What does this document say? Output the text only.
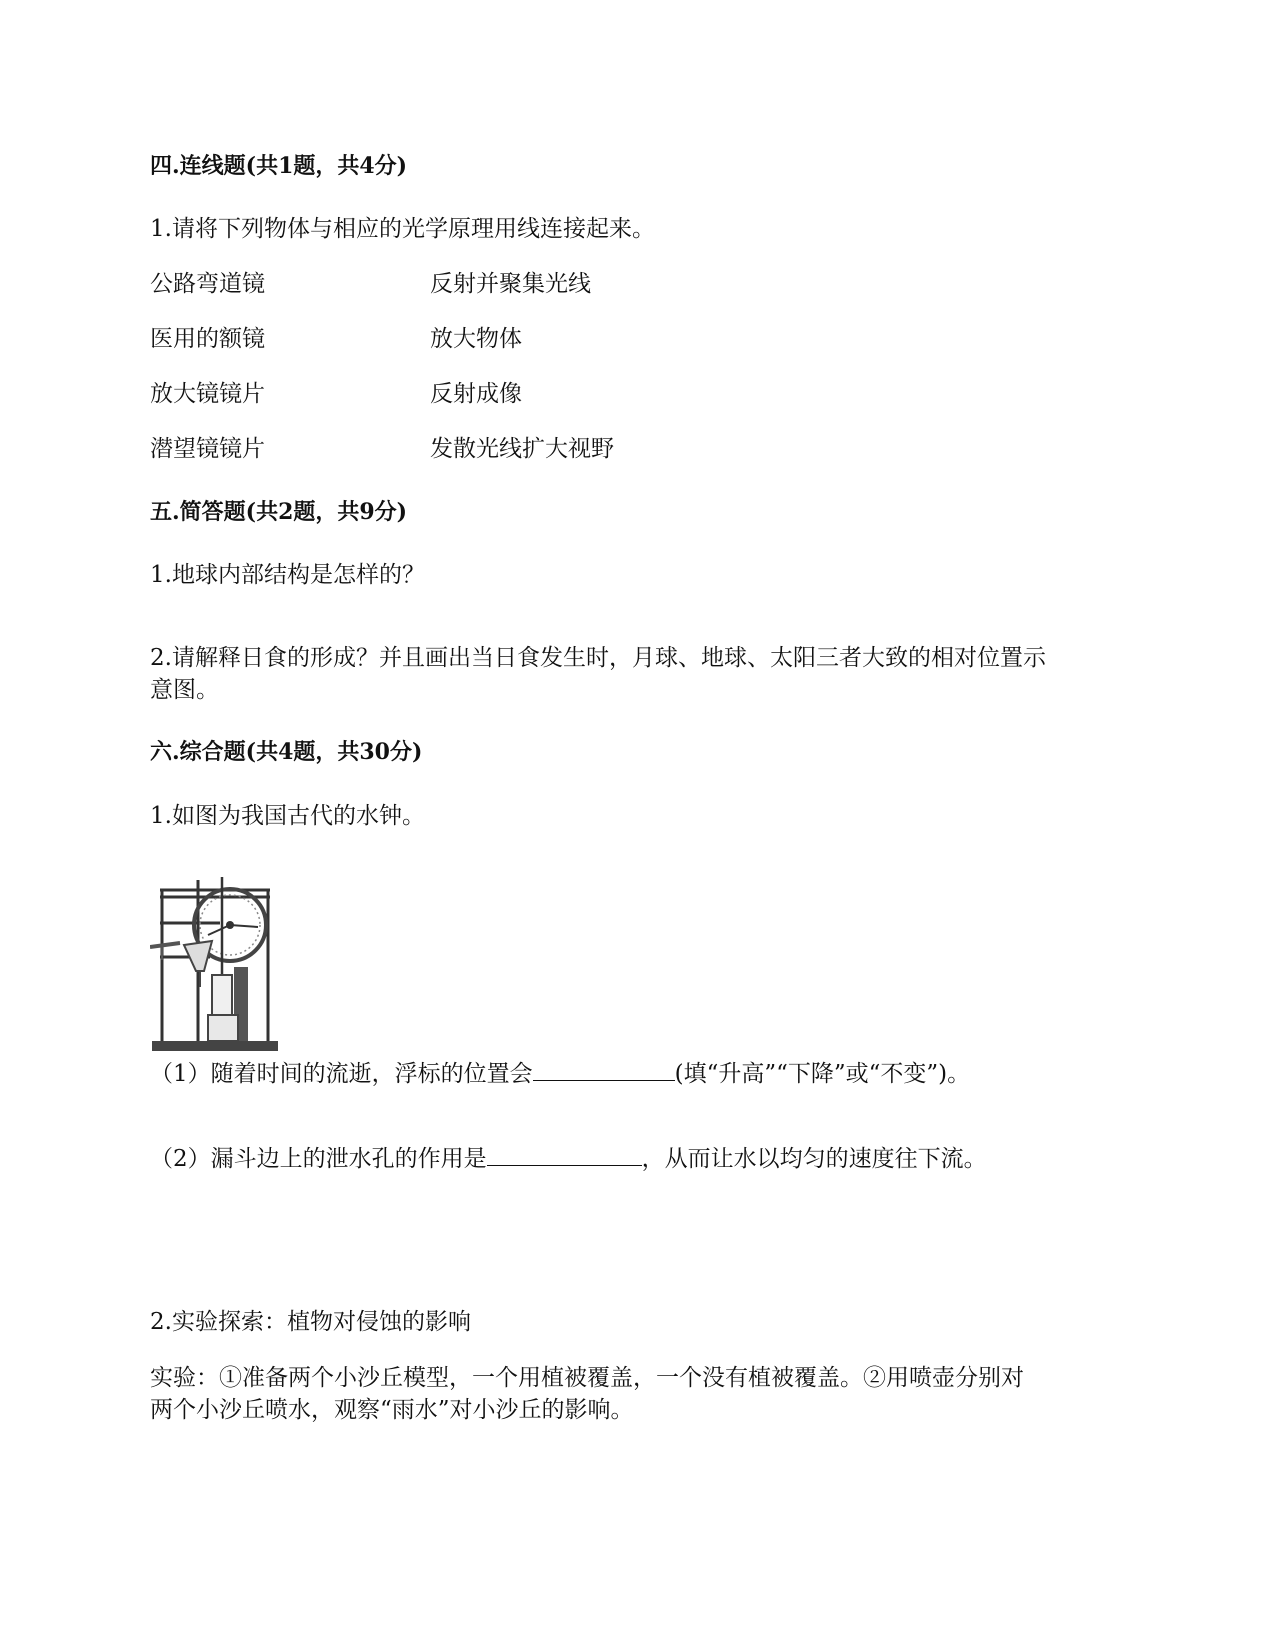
四.连线题(共1题，共4分)
1.请将下列物体与相应的光学原理用线连接起来。
公路弯道镜	反射并聚集光线
医用的额镜	放大物体
放大镜镜片	反射成像
潜望镜镜片	发散光线扩大视野
五.简答题(共2题，共9分)
1.地球内部结构是怎样的？
2.请解释日食的形成？并且画出当日食发生时，月球、地球、太阳三者大致的相对位置示
意图。
六.综合题(共4题，共30分)
1.如图为我国古代的水钟。
（1）随着时间的流逝，浮标的位置会	(填“升高”“下降”或“不变”)。
（2）漏斗边上的泄水孔的作用是	，从而让水以均匀的速度往下流。
2.实验探索：植物对侵蚀的影响
实验：①准备两个小沙丘模型，一个用植被覆盖，一个没有植被覆盖。②用喷壶分别对
两个小沙丘喷水，观察“雨水”对小沙丘的影响。
